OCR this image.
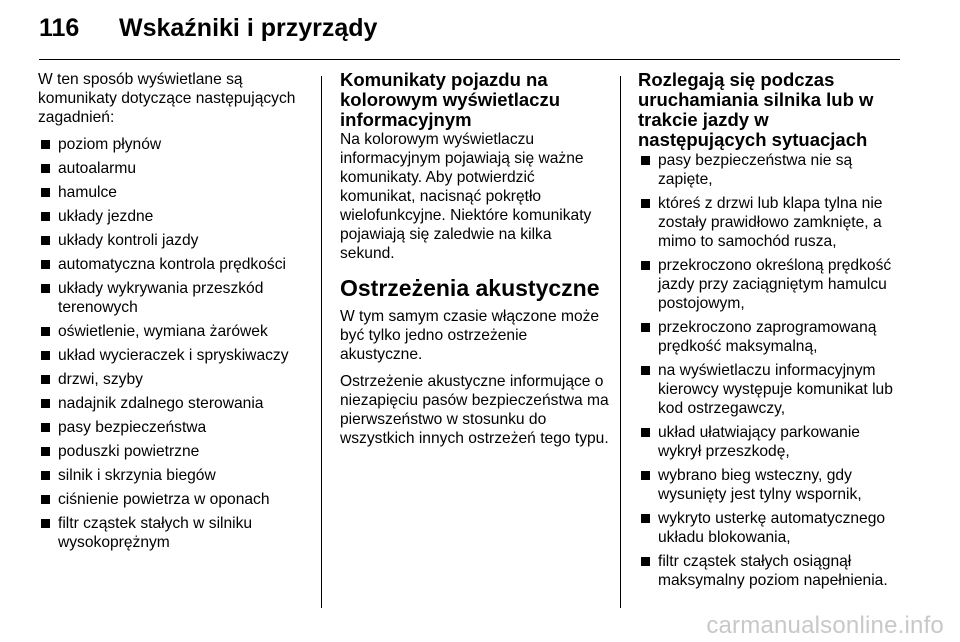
116 Wskaźniki i przyrządy

W ten sposób wyświetlane są komunikaty dotyczące następujących zagadnień:

poziom płynów
autoalarmu
hamulce
układy jezdne
układy kontroli jazdy
automatyczna kontrola prędkości
układy wykrywania przeszkód terenowych
oświetlenie, wymiana żarówek
układ wycieraczek i spryskiwaczy
drzwi, szyby
nadajnik zdalnego sterowania
pasy bezpieczeństwa
poduszki powietrzne
silnik i skrzynia biegów
ciśnienie powietrza w oponach
filtr cząstek stałych w silniku wysokoprężnym
Komunikaty pojazdu na kolorowym wyświetlaczu informacyjnym

Na kolorowym wyświetlaczu informacyjnym pojawiają się ważne komunikaty. Aby potwierdzić komunikat, nacisnąć pokrętło wielofunkcyjne. Niektóre komunikaty pojawiają się zaledwie na kilka sekund.

Ostrzeżenia akustyczne

W tym samym czasie włączone może być tylko jedno ostrzeżenie akustyczne.

Ostrzeżenie akustyczne informujące o niezapięciu pasów bezpieczeństwa ma pierwszeństwo w stosunku do wszystkich innych ostrzeżeń tego typu.

Rozlegają się podczas uruchamiania silnika lub w trakcie jazdy w następujących sytuacjach
pasy bezpieczeństwa nie są zapięte,
któreś z drzwi lub klapa tylna nie zostały prawidłowo zamknięte, a mimo to samochód rusza,
przekroczono określoną prędkość jazdy przy zaciągniętym hamulcu postojowym,
przekroczono zaprogramowaną prędkość maksymalną,
na wyświetlaczu informacyjnym kierowcy występuje komunikat lub kod ostrzegawczy,
układ ułatwiający parkowanie wykrył przeszkodę,
wybrano bieg wsteczny, gdy wysunięty jest tylny wspornik,
wykryto usterkę automatycznego układu blokowania,
filtr cząstek stałych osiągnął maksymalny poziom napełnienia.
carmanualsonline.info
